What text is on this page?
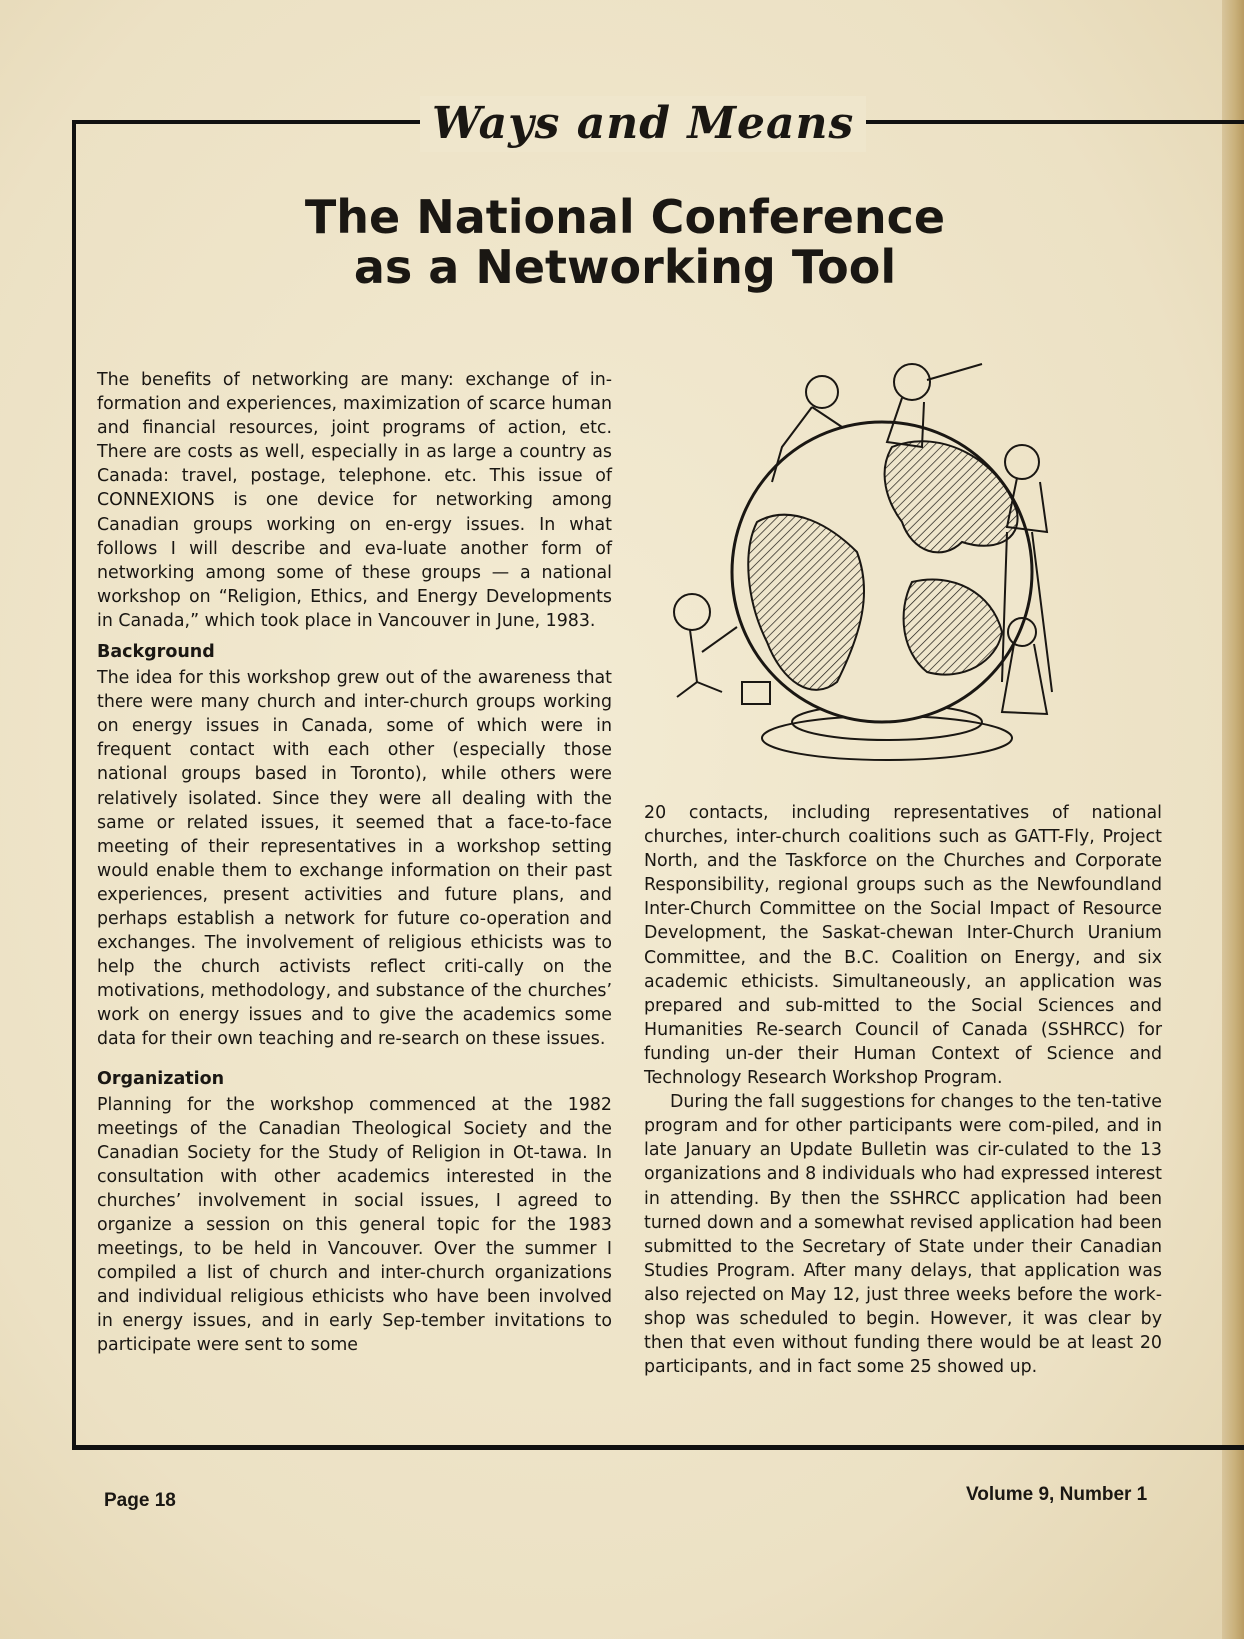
Ways and Means
The National Conference
as a Networking Tool

The benefits of networking are many: exchange of in-formation and experiences, maximization of scarce human and financial resources, joint programs of action, etc. There are costs as well, especially in as large a country as Canada: travel, postage, telephone. etc. This issue of CONNEXIONS is one device for networking among Canadian groups working on en-ergy issues. In what follows I will describe and eva-luate another form of networking among some of these groups — a national workshop on “Religion, Ethics, and Energy Developments in Canada,” which took place in Vancouver in June, 1983.

Background

The idea for this workshop grew out of the awareness that there were many church and inter-church groups working on energy issues in Canada, some of which were in frequent contact with each other (especially those national groups based in Toronto), while others were relatively isolated. Since they were all dealing with the same or related issues, it seemed that a face-to-face meeting of their representatives in a workshop setting would enable them to exchange information on their past experiences, present activities and future plans, and perhaps establish a network for future co-operation and exchanges. The involvement of religious ethicists was to help the church activists reflect criti-cally on the motivations, methodology, and substance of the churches’ work on energy issues and to give the academics some data for their own teaching and re-search on these issues.

Organization

Planning for the workshop commenced at the 1982 meetings of the Canadian Theological Society and the Canadian Society for the Study of Religion in Ot-tawa. In consultation with other academics interested in the churches’ involvement in social issues, I agreed to organize a session on this general topic for the 1983 meetings, to be held in Vancouver. Over the summer I compiled a list of church and inter-church organizations and individual religious ethicists who have been involved in energy issues, and in early Sep-tember invitations to participate were sent to some

20 contacts, including representatives of national churches, inter-church coalitions such as GATT-Fly, Project North, and the Taskforce on the Churches and Corporate Responsibility, regional groups such as the Newfoundland Inter-Church Committee on the Social Impact of Resource Development, the Saskat-chewan Inter-Church Uranium Committee, and the B.C. Coalition on Energy, and six academic ethicists. Simultaneously, an application was prepared and sub-mitted to the Social Sciences and Humanities Re-search Council of Canada (SSHRCC) for funding un-der their Human Context of Science and Technology Research Workshop Program.

During the fall suggestions for changes to the ten-tative program and for other participants were com-piled, and in late January an Update Bulletin was cir-culated to the 13 organizations and 8 individuals who had expressed interest in attending. By then the SSHRCC application had been turned down and a somewhat revised application had been submitted to the Secretary of State under their Canadian Studies Program. After many delays, that application was also rejected on May 12, just three weeks before the work-shop was scheduled to begin. However, it was clear by then that even without funding there would be at least 20 participants, and in fact some 25 showed up.

Page 18	Volume 9, Number 1
